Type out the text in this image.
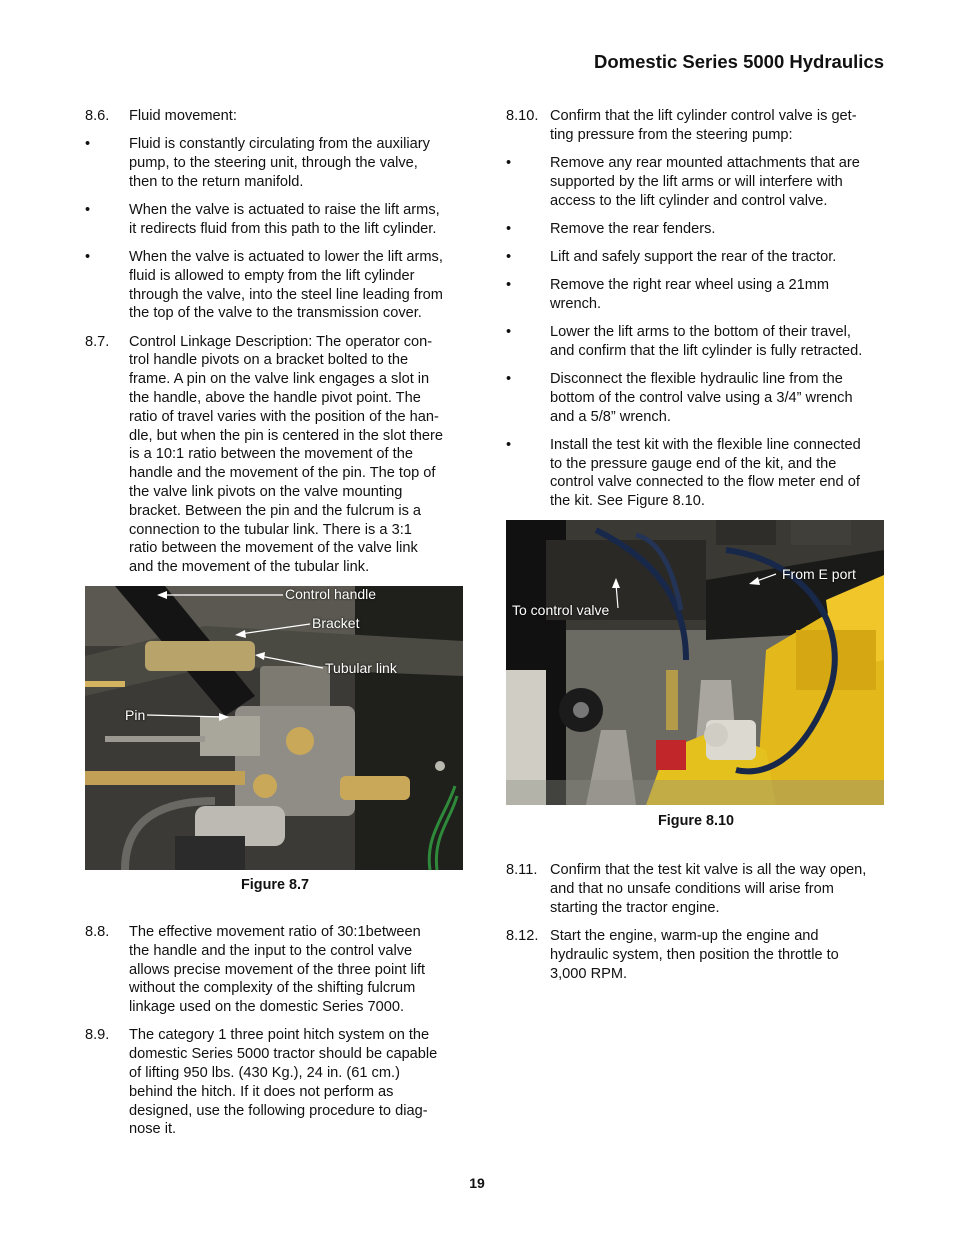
Domestic Series 5000 Hydraulics
8.6.	Fluid movement:
•	Fluid is constantly circulating from the auxiliary
pump, to the steering unit, through the valve,
then to the return manifold.
•	When the valve is actuated to raise the lift arms,
it redirects fluid from this path to the lift cylinder.
•	When the valve is actuated to lower the lift arms,
fluid is allowed to empty from the lift cylinder
through the valve, into the steel line leading from
the top of the valve to the transmission cover.
8.7.	Control Linkage Description: The operator con-
trol handle pivots on a bracket bolted to the
frame. A pin on the valve link engages a slot in
the handle, above the handle pivot point. The
ratio of travel varies with the position of the han-
dle, but when the pin is centered in the slot there
is a 10:1 ratio between the movement of the
handle and the movement of the pin. The top of
the valve link pivots on the valve mounting
bracket. Between the pin and the fulcrum is a
connection to the tubular link. There is a 3:1
ratio between the movement of the valve link
and the movement of the tubular link.
Control handle
Bracket
Tubular link
Pin
Figure 8.7
8.8.	The effective movement ratio of 30:1between
the handle and the input to the control valve
allows precise movement of the three point lift
without the complexity of the shifting fulcrum
linkage used on the domestic Series 7000.
8.9.	The category 1 three point hitch system on the
domestic Series 5000 tractor should be capable
of lifting 950 lbs. (430 Kg.), 24 in. (61 cm.)
behind the hitch. If it does not perform as
designed, use the following procedure to diag-
nose it.
8.10. Confirm that the lift cylinder control valve is get-
ting pressure from the steering pump:
•	Remove any rear mounted attachments that are
supported by the lift arms or will interfere with
access to the lift cylinder and control valve.
•	Remove the rear fenders.
•	Lift and safely support the rear of the tractor.
•	Remove the right rear wheel using a 21mm
wrench.
•	Lower the lift arms to the bottom of their travel,
and confirm that the lift cylinder is fully retracted.
•	Disconnect the flexible hydraulic line from the
bottom of the control valve using a 3/4” wrench
and a 5/8” wrench.
•	Install the test kit with the flexible line connected
to the pressure gauge end of the kit, and the
control valve connected to the flow meter end of
the kit. See Figure 8.10.
From E port
To control valve
Figure 8.10
8.11. Confirm that the test kit valve is all the way open,
and that no unsafe conditions will arise from
starting the tractor engine.
8.12. Start the engine, warm-up the engine and
hydraulic system, then position the throttle to
3,000 RPM.
19
